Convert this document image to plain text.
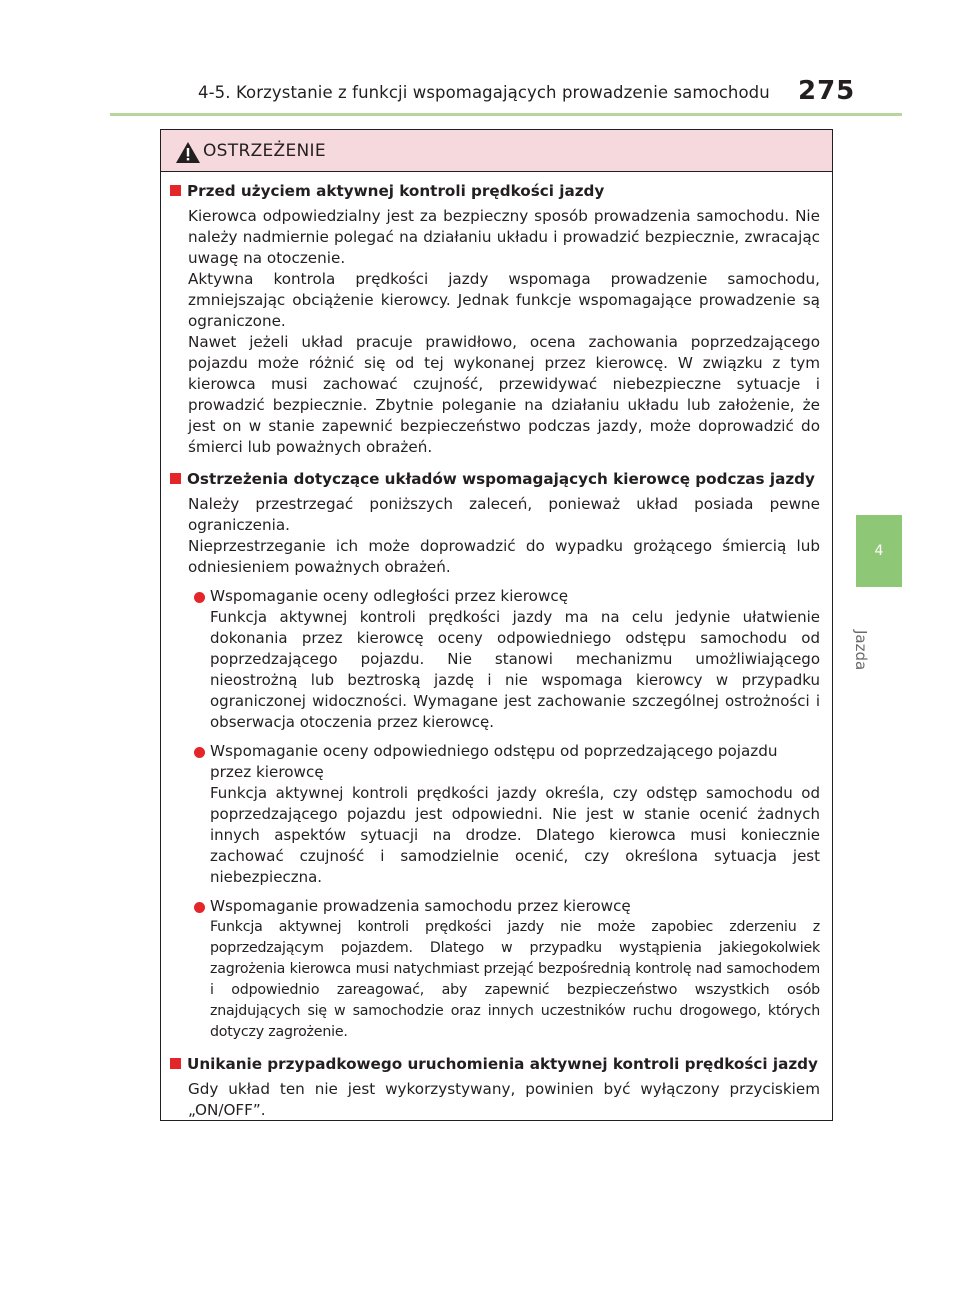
4-5. Korzystanie z funkcji wspomagających prowadzenie samochodu 275
4
Jazda
OSTRZEŻENIE
Przed użyciem aktywnej kontroli prędkości jazdy

Kierowca odpowiedzialny jest za bezpieczny sposób prowadzenia samochodu. Nie należy nadmiernie polegać na działaniu układu i prowadzić bezpiecznie, zwracając uwagę na otoczenie.

Aktywna kontrola prędkości jazdy wspomaga prowadzenie samochodu, zmniejszając obciążenie kierowcy. Jednak funkcje wspomagające prowadzenie są ograniczone.

Nawet jeżeli układ pracuje prawidłowo, ocena zachowania poprzedzającego pojazdu może różnić się od tej wykonanej przez kierowcę. W związku z tym kierowca musi zachować czujność, przewidywać niebezpieczne sytuacje i prowadzić bezpiecznie. Zbytnie poleganie na działaniu układu lub założenie, że jest on w stanie zapewnić bezpieczeństwo podczas jazdy, może doprowadzić do śmierci lub poważnych obrażeń.

Ostrzeżenia dotyczące układów wspomagających kierowcę podczas jazdy

Należy przestrzegać poniższych zaleceń, ponieważ układ posiada pewne ograniczenia.

Nieprzestrzeganie ich może doprowadzić do wypadku grożącego śmiercią lub odniesieniem poważnych obrażeń.

Wspomaganie oceny odległości przez kierowcę

Funkcja aktywnej kontroli prędkości jazdy ma na celu jedynie ułatwienie dokonania przez kierowcę oceny odpowiedniego odstępu samochodu od poprzedzającego pojazdu. Nie stanowi mechanizmu umożliwiającego nieostrożną lub beztroską jazdę i nie wspomaga kierowcy w przypadku ograniczonej widoczności. Wymagane jest zachowanie szczególnej ostrożności i obserwacja otoczenia przez kierowcę.

Wspomaganie oceny odpowiedniego odstępu od poprzedzającego pojazdu przez kierowcę

Funkcja aktywnej kontroli prędkości jazdy określa, czy odstęp samochodu od poprzedzającego pojazdu jest odpowiedni. Nie jest w stanie ocenić żadnych innych aspektów sytuacji na drodze. Dlatego kierowca musi koniecznie zachować czujność i samodzielnie ocenić, czy określona sytuacja jest niebezpieczna.

Wspomaganie prowadzenia samochodu przez kierowcę

Funkcja aktywnej kontroli prędkości jazdy nie może zapobiec zderzeniu z poprzedzającym pojazdem. Dlatego w przypadku wystąpienia jakiegokolwiek zagrożenia kierowca musi natychmiast przejąć bezpośrednią kontrolę nad samochodem i odpowiednio zareagować, aby zapewnić bezpieczeństwo wszystkich osób znajdujących się w samochodzie oraz innych uczestników ruchu drogowego, których dotyczy zagrożenie.

Unikanie przypadkowego uruchomienia aktywnej kontroli prędkości jazdy

Gdy układ ten nie jest wykorzystywany, powinien być wyłączony przyciskiem „ON/OFF”.
